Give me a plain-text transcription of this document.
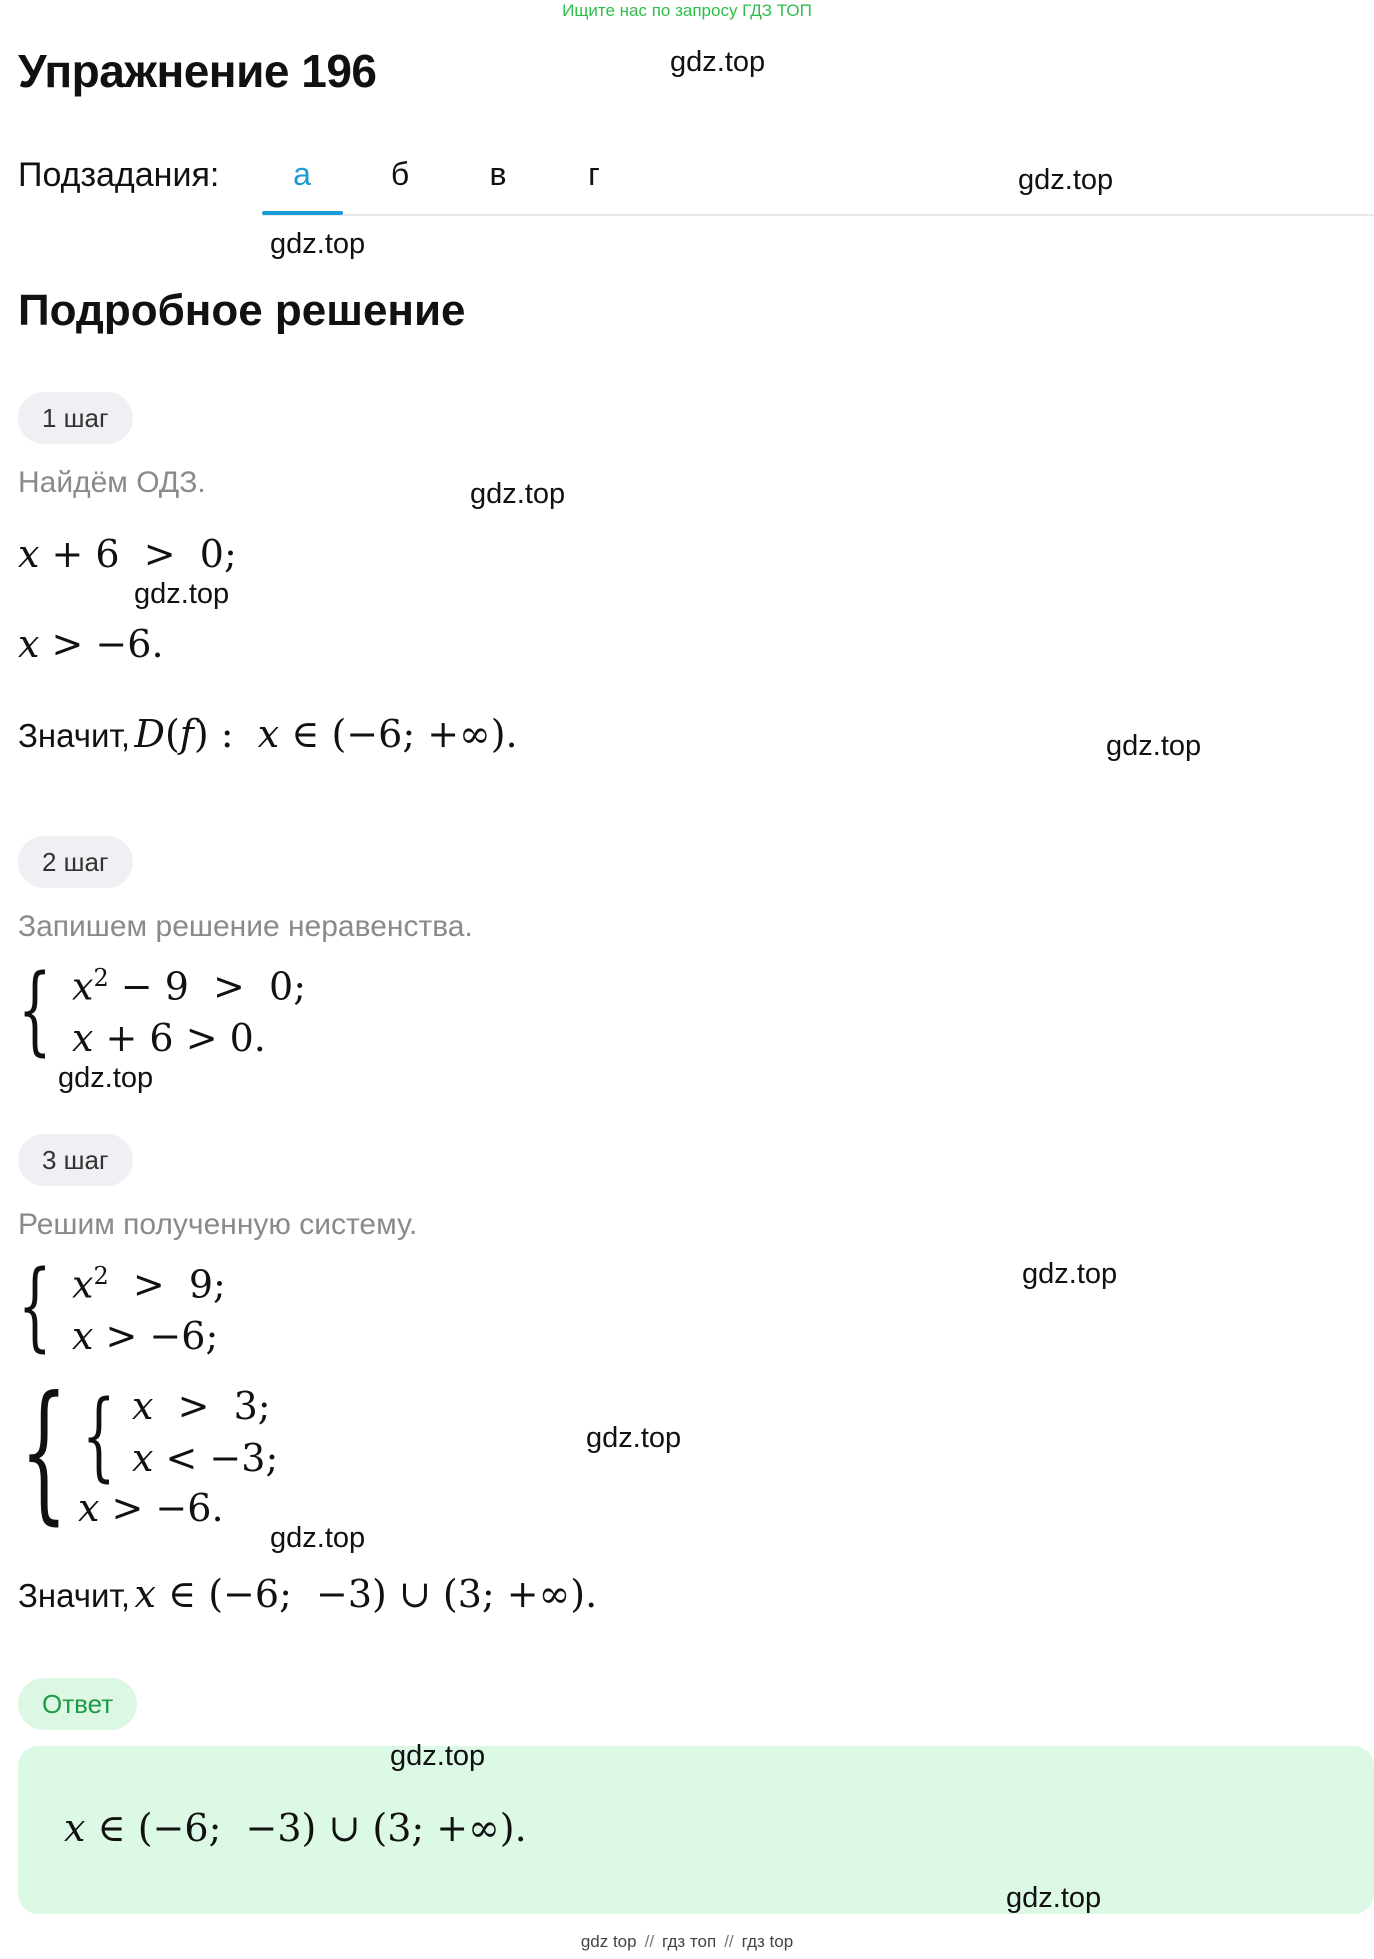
Ищите нас по запросу ГДЗ ТОП
Упражнение 196	gdz.top
Подзадания:	а	б	в	г	gdz.top
gdz.top
Подробное решение
1 шаг
Найдём ОДЗ.	gdz.top
x + 6  >  0;
gdz.top
x > −6.
Значит, D(f) :  x ∈ (−6; +∞).	gdz.top
2 шаг
Запишем решение неравенства.
{ $x^2 - 9 > 0$;
x + 6 > 0.
gdz.top
3 шаг
Решим полученную систему.
gdz.top
{ $x^2 > 9$;
x > −6;
{ { x  >  3;
x < −3;
x > −6.
gdz.top
gdz.top
Значит, x ∈ (−6;  −3) ∪ (3; +∞).
Ответ
gdz.top
x ∈ (−6;  −3) ∪ (3; +∞).
gdz.top
gdz top // гдз топ // гдз top
